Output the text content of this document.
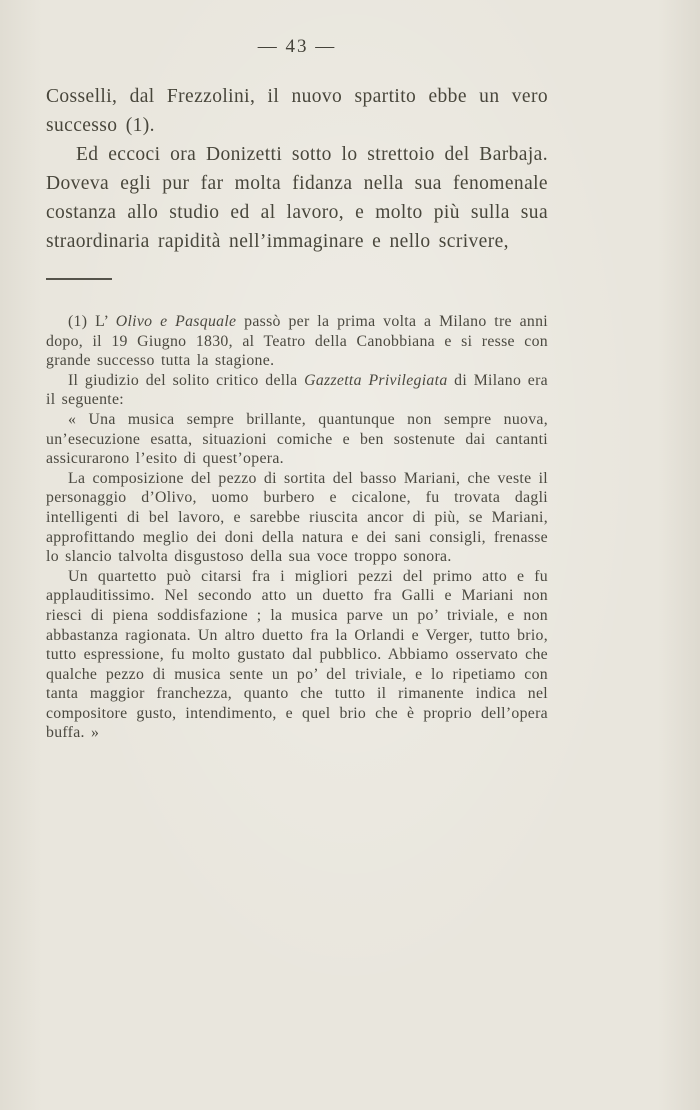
— 43 —

Cosselli, dal Frezzolini, il nuovo spartito ebbe un vero successo (1).

Ed eccoci ora Donizetti sotto lo strettoio del Barbaja. Doveva egli pur far molta fidanza nella sua fenomenale costanza allo studio ed al lavoro, e molto più sulla sua straordinaria rapidità nell’immaginare e nello scrivere,

(1) L’ Olivo e Pasquale passò per la prima volta a Milano tre anni dopo, il 19 Giugno 1830, al Teatro della Canobbiana e si resse con grande successo tutta la stagione.

Il giudizio del solito critico della Gazzetta Privilegiata di Milano era il seguente:

« Una musica sempre brillante, quantunque non sempre nuova, un’esecuzione esatta, situazioni comiche e ben sostenute dai cantanti assicurarono l’esito di quest’opera.

La composizione del pezzo di sortita del basso Mariani, che veste il personaggio d’Olivo, uomo burbero e cicalone, fu trovata dagli intelligenti di bel lavoro, e sarebbe riuscita ancor di più, se Mariani, approfittando meglio dei doni della natura e dei sani consigli, frenasse lo slancio talvolta disgustoso della sua voce troppo sonora.

Un quartetto può citarsi fra i migliori pezzi del primo atto e fu applauditissimo. Nel secondo atto un duetto fra Galli e Mariani non riesci di piena soddisfazione ; la musica parve un po’ triviale, e non abbastanza ragionata. Un altro duetto fra la Orlandi e Verger, tutto brio, tutto espressione, fu molto gustato dal pubblico. Abbiamo osservato che qualche pezzo di musica sente un po’ del triviale, e lo ripetiamo con tanta maggior franchezza, quanto che tutto il rimanente indica nel compositore gusto, intendimento, e quel brio che è proprio dell’opera buffa. »
